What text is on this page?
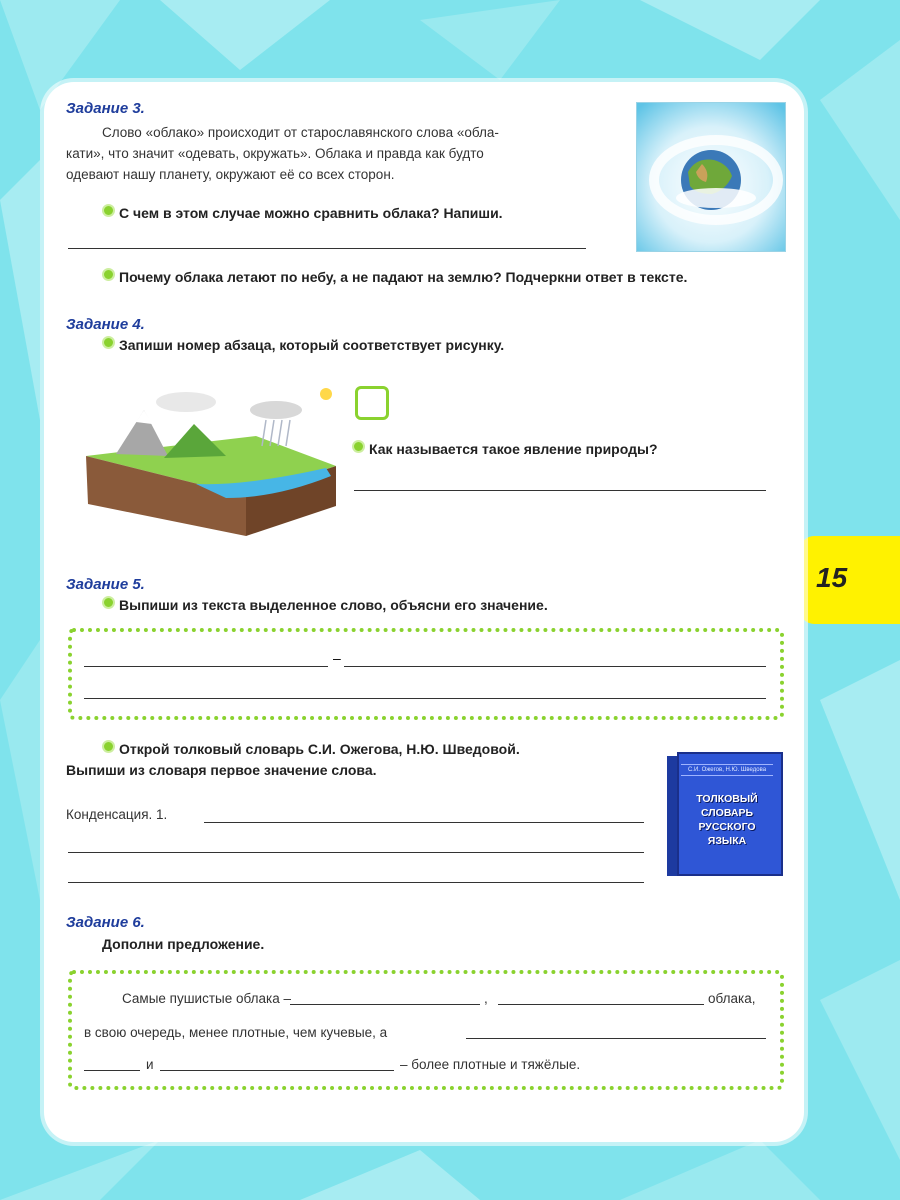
15
Задание 3.
Слово «облако» происходит от старославянского слова «обла-
кати», что значит «одевать, окружать». Облака и правда как будто
одевают нашу планету, окружают её со всех сторон.
С чем в этом случае можно сравнить облака? Напиши.
Почему облака летают по небу, а не падают на землю? Подчеркни ответ в тексте.
Задание 4.
Запиши номер абзаца, который соответствует рисунку.
Как называется такое явление природы?
Задание 5.
Выпиши из текста выделенное слово, объясни его значение.
–
Открой толковый словарь С.И. Ожегова, Н.Ю. Шведовой.
Выпиши из словаря первое значение слова.
Конденсация. 1.
С.И. Ожегов, Н.Ю. Шведова
ТОЛКОВЫЙ СЛОВАРЬ РУССКОГО ЯЗЫКА
Задание 6.
Дополни предложение.
Самые пушистые облака –	,	облака,
в свою очередь, менее плотные, чем кучевые, а
и	– более плотные и тяжёлые.
